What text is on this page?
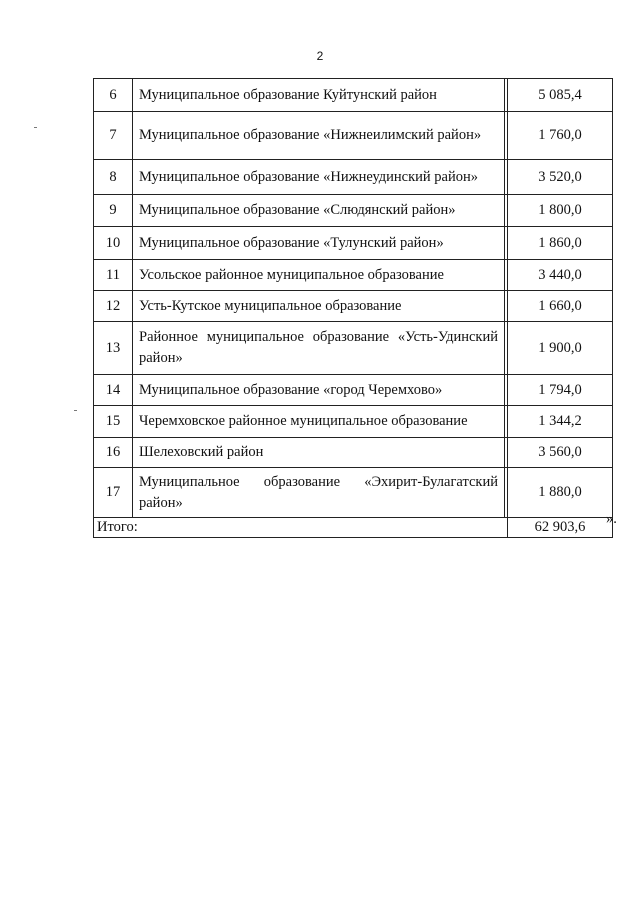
2
6	Муниципальное образование Куйтунский район		5 085,4
7	Муниципальное образование «Нижнеилимский район»		1 760,0
8	Муниципальное образование «Нижнеудинский район»		3 520,0
9	Муниципальное образование «Слюдянский район»		1 800,0
10	Муниципальное образование «Тулунский район»		1 860,0
11	Усольское районное муниципальное образование		3 440,0
12	Усть-Кутское муниципальное образование		1 660,0
13	Районное муниципальное образование «Усть-Удинский район»		1 900,0
14	Муниципальное образование «город Черемхово»		1 794,0
15	Черемховское районное муниципальное образование		1 344,2
16	Шелеховский район		3 560,0
17	Муниципальное образование «Эхирит-Булагатский район»		1 880,0
Итого:			62 903,6 ».
